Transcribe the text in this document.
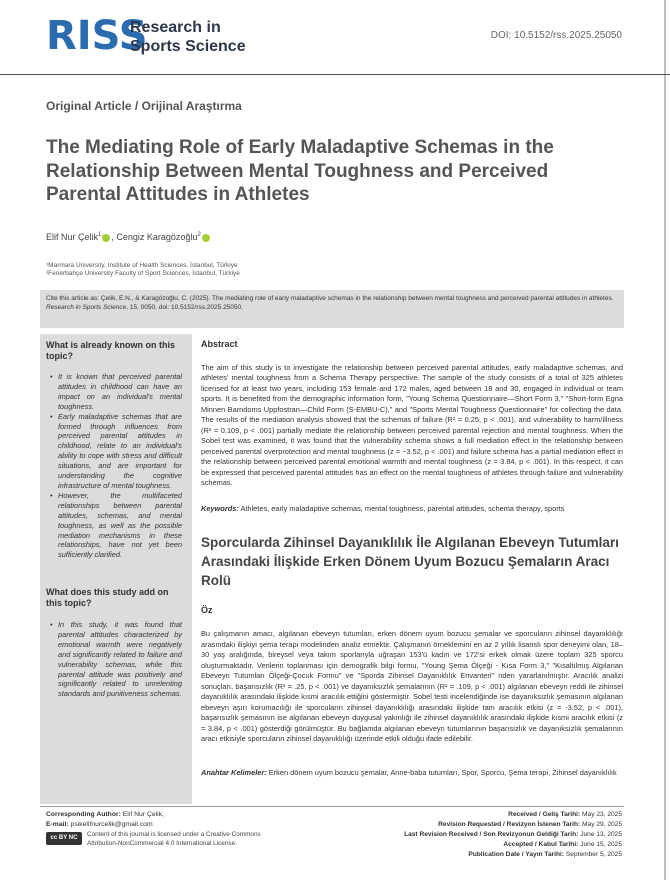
RISS
Research in
Sports Science
DOI: 10.5152/rss.2025.25050
Original Article / Orijinal Araştırma
The Mediating Role of Early Maladaptive Schemas in the Relationship Between Mental Toughness and Perceived Parental Attitudes in Athletes
Elif Nur Çelik$^1$ , Cengiz Karagözoğlu$^2$
¹Marmara University, Institute of Health Sciences, İstanbul, Türkiye
²Fenerbahçe University Faculty of Sport Sciences, İstanbul, Türkiye
Cite this article as: Çelik, E.N., & Karagözoğlu, C. (2025). The mediating role of early maladaptive schemas in the relationship between mental toughness and perceived parental attitudes in athletes. Research in Sports Science, 15, 0050, doi: 10.5152/rss.2025.25050.
What is already known on this topic?
• It is known that perceived parental attitudes in childhood can have an impact on an individual's mental toughness.
• Early maladaptive schemas that are formed through influences from perceived parental attitudes in childhood, relate to an individual's ability to cope with stress and difficult situations, and are important for understanding the cognitive infrastructure of mental toughness.
• However, the multifaceted relationships between parental attitudes, schemas, and mental toughness, as well as the possible mediation mechanisms in these relationships, have not yet been sufficiently clarified.
What does this study add on this topic?
• In this study, it was found that parental attitudes characterized by emotional warmth were negatively and significantly related to failure and vulnerability schemas, while this parental attitude was positively and significantly related to unrelenting standards and punitiveness schemas.
Abstract
The aim of this study is to investigate the relationship between perceived parental attitudes, early maladaptive schemas, and athletes' mental toughness from a Schema Therapy perspective. The sample of the study consists of a total of 325 athletes licensed for at least two years, including 153 female and 172 males, aged between 18 and 30, engaged in individual or team sports. It is benefited from the demographic information form, "Young Schema Questionnaire—Short Form 3," "Short-form Egna Minnen Barndoms Uppfostran—Child Form (S-EMBU-C)," and "Sports Mental Toughness Questionnaire" for collecting the data. The results of the mediation analysis showed that the schemas of failure (R² = 0.25, p < .001), and vulnerability to harm/illness (R² = 0.109, p < .001) partially mediate the relationship between perceived parental rejection and mental toughness. When the Sobel test was examined, it was found that the vulnerability schema shows a full mediation effect in the relationship between perceived parental overprotection and mental toughness (z = −3.52, p < .001) and failure schema has a partial mediation effect in the relationship between perceived parental emotional warmth and mental toughness (z = 3.84, p < .001). In this respect, it can be expressed that perceived parental attitudes has an effect on the mental toughness of athletes through failure and vulnerability schemas.
Keywords: Athletes, early maladaptive schemas, mental toughness, parental attitudes, schema therapy, sports
Sporcularda Zihinsel Dayanıklılık İle Algılanan Ebeveyn Tutumları Arasındaki İlişkide Erken Dönem Uyum Bozucu Şemaların Aracı Rolü
Öz
Bu çalışmanın amacı, algılanan ebeveyn tutumları, erken dönem uyum bozucu şemalar ve sporcuların zihinsel dayanıklılığı arasındaki ilişkiyi şema terapi modelinden analiz etmektir. Çalışmanın örneklemini en az 2 yıllık lisanslı spor deneyimi olan, 18–30 yaş aralığında, bireysel veya takım sporlarıyla uğraşan 153'ü kadın ve 172'si erkek olmak üzere toplam 325 sporcu oluşturmaktadır. Verilerin toplanması için demografik bilgi formu, "Young Şema Ölçeği - Kısa Form 3," "Kısaltılmış Algılanan Ebeveyn Tutumları Ölçeği-Çocuk Formu" ve "Sporda Zihinsel Dayanıklılık Envanteri" nden yararlanılmıştır. Aracılık analizi sonuçları, başarısızlık (R² = .25, p < .001) ve dayanıksızlık şemalarının (R² = .109, p < .001) algılanan ebeveyn reddi ile zihinsel dayanıklılık arasındaki ilişkide kısmi aracılık ettiğini göstermiştir. Sobel testi incelendiğinde ise dayanıksızlık şemasının algılanan ebeveyn aşırı korumacılığı ile sporcuların zihinsel dayanıklılığı arasındaki ilişkide tam aracılık etkisi (z = -3.52, p < .001), başarısızlık şemasının ise algılanan ebeveyn duygusal yakınlığı ile zihinsel dayanıklılık arasındaki ilişkide kısmi aracılık etkisi (z = 3.84, p < .001) gösterdiği görülmüştür. Bu bağlamda algılanan ebeveyn tutumlarının başarısızlık ve dayanıksızlık şemalarının aracı etkisiyle sporcuların zihinsel dayanıklılığı üzerinde etkili olduğu ifade edilebilir.
Anahtar Kelimeler: Erken dönem uyum bozucu şemalar, Anne-baba tutumları, Spor, Sporcu, Şema terapi, Zihinsel dayanıklılık
Corresponding Author: Elif Nur Çelik,
E-mail: psikelifnurcelik@gmail.com
cc BY NC	Content of this journal is licensed under a Creative Commons Attribution-NonCommercial 4.0 International License.
Received / Geliş Tarihi: May 23, 2025
Revision Requested / Revizyon İstenen Tarih: May 29, 2025
Last Revision Received / Son Revizyonun Geldiği Tarih: June 13, 2025
Accepted / Kabul Tarihi: June 15, 2025
Publication Date / Yayın Tarihi: September 5, 2025
